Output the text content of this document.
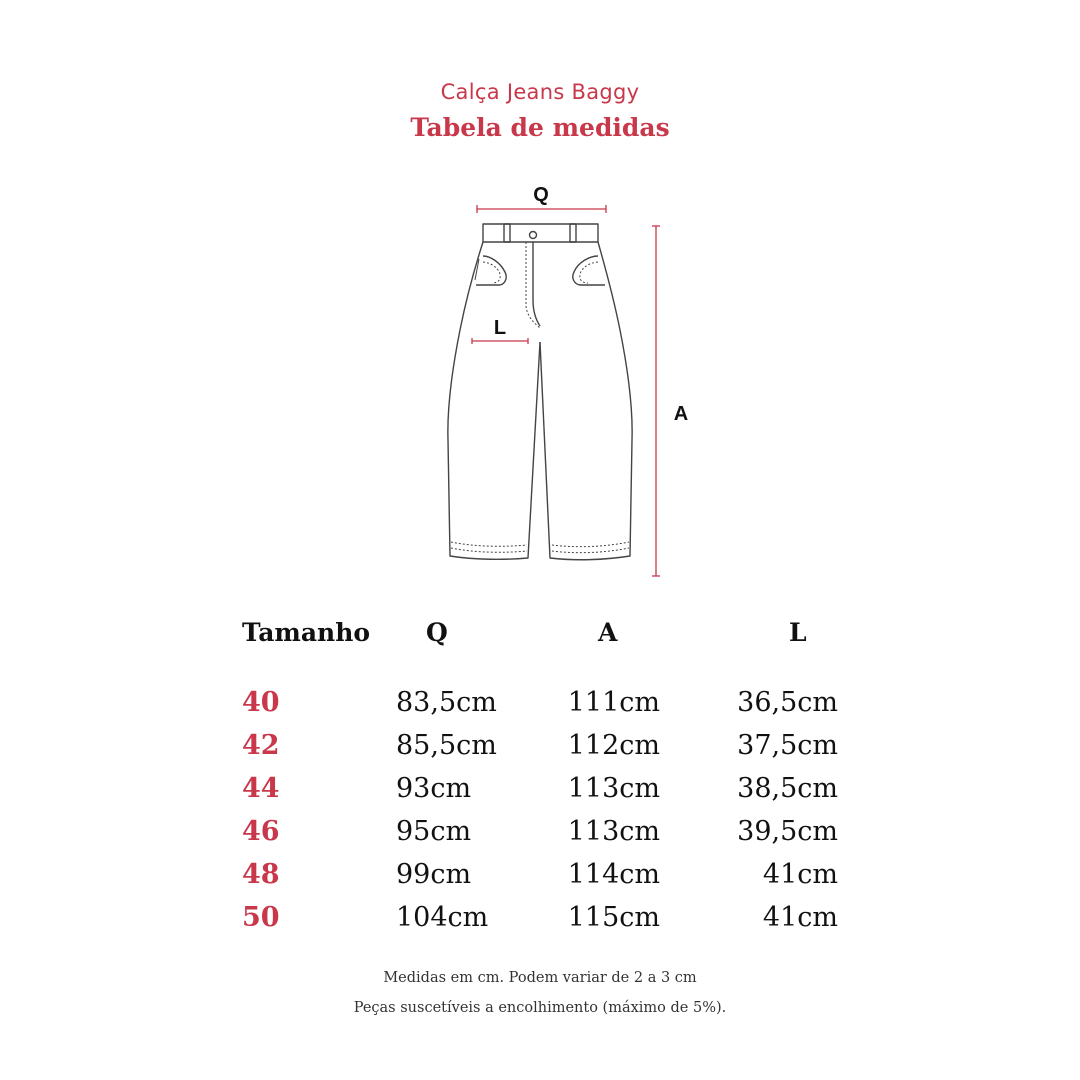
Calça Jeans Baggy
Tabela de medidas
Q
A
L
Tamanho Q	A	L
40	83,5cm	111cm	36,5cm
42	85,5cm	112cm	37,5cm
44	93cm	113cm	38,5cm
46	95cm	113cm	39,5cm
48	99cm	114cm	41cm
50	104cm	115cm	41cm
Medidas em cm. Podem variar de 2 a 3 cm
Peças suscetíveis a encolhimento (máximo de 5%).
